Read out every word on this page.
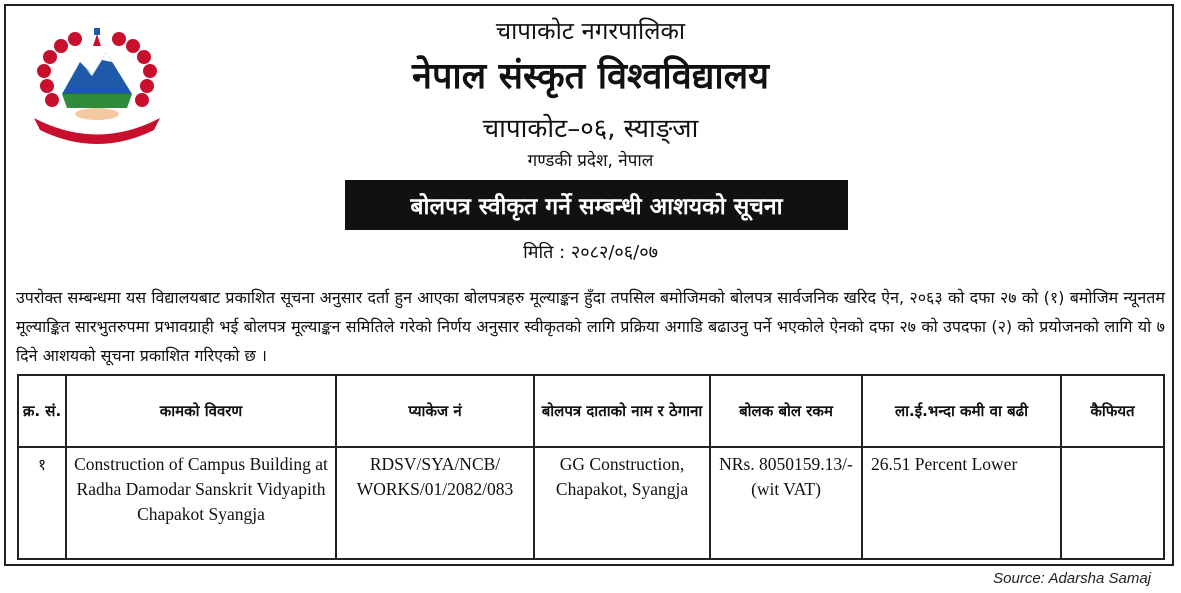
चापाकोट नगरपालिका
नेपाल संस्कृत विश्वविद्यालय
चापाकोट–०६, स्याङ्जा
गण्डकी प्रदेश, नेपाल
बोलपत्र स्वीकृत गर्ने सम्बन्धी आशयको सूचना
मिति : २०८२/०६/०७

उपरोक्त सम्बन्धमा यस विद्यालयबाट प्रकाशित सूचना अनुसार दर्ता हुन आएका बोलपत्रहरु मूल्याङ्कन हुँदा तपसिल बमोजिमको बोलपत्र सार्वजनिक खरिद ऐन, २०६३ को दफा २७ को (१) बमोजिम न्यूनतम मूल्याङ्कित सारभुतरुपमा प्रभावग्राही भई बोलपत्र मूल्याङ्कन समितिले गरेको निर्णय अनुसार स्वीकृतको लागि प्रक्रिया अगाडि बढाउनु पर्ने भएकोले ऐनको दफा २७ को उपदफा (२) को प्रयोजनको लागि यो ७ दिने आशयको सूचना प्रकाशित गरिएको छ ।

क्र. सं.	कामको विवरण	प्याकेज नं	बोलपत्र दाताको नाम र ठेगाना	बोलक बोल रकम	ला.ई.भन्दा कमी वा बढी	कैफियत
१	Construction of Campus Building at Radha Damodar Sanskrit Vidyapith Chapakot Syangja	RDSV/SYA/NCB/ WORKS/01/2082/083	GG Construction, Chapakot, Syangja	NRs. 8050159.13/- (wit VAT)	26.51 Percent Lower	
Source: Adarsha Samaj
